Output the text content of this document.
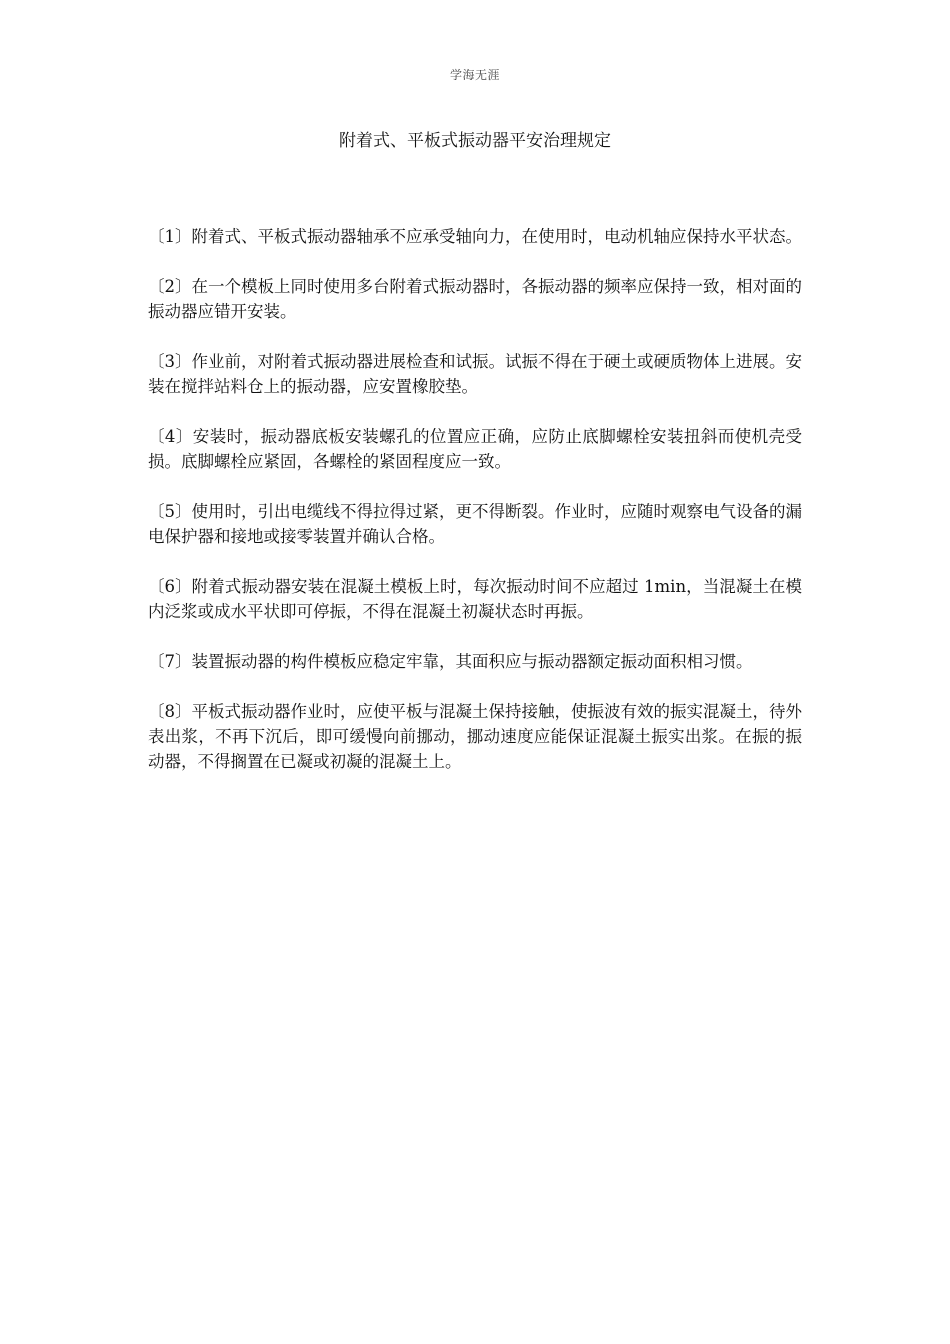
学海无涯
附着式、平板式振动器平安治理规定

〔1〕附着式、平板式振动器轴承不应承受轴向力，在使用时，电动机轴应保持水平状态。

〔2〕在一个模板上同时使用多台附着式振动器时，各振动器的频率应保持一致，相对面的振动器应错开安装。

〔3〕作业前，对附着式振动器进展检查和试振。试振不得在于硬土或硬质物体上进展。安装在搅拌站料仓上的振动器，应安置橡胶垫。

〔4〕安装时，振动器底板安装螺孔的位置应正确，应防止底脚螺栓安装扭斜而使机壳受损。底脚螺栓应紧固，各螺栓的紧固程度应一致。

〔5〕使用时，引出电缆线不得拉得过紧，更不得断裂。作业时，应随时观察电气设备的漏电保护器和接地或接零装置并确认合格。

〔6〕附着式振动器安装在混凝土模板上时，每次振动时间不应超过 1min，当混凝土在模内泛浆或成水平状即可停振，不得在混凝土初凝状态时再振。

〔7〕装置振动器的构件模板应稳定牢靠，其面积应与振动器额定振动面积相习惯。

〔8〕平板式振动器作业时，应使平板与混凝土保持接触，使振波有效的振实混凝土，待外表出浆，不再下沉后，即可缓慢向前挪动，挪动速度应能保证混凝土振实出浆。在振的振动器，不得搁置在已凝或初凝的混凝土上。
